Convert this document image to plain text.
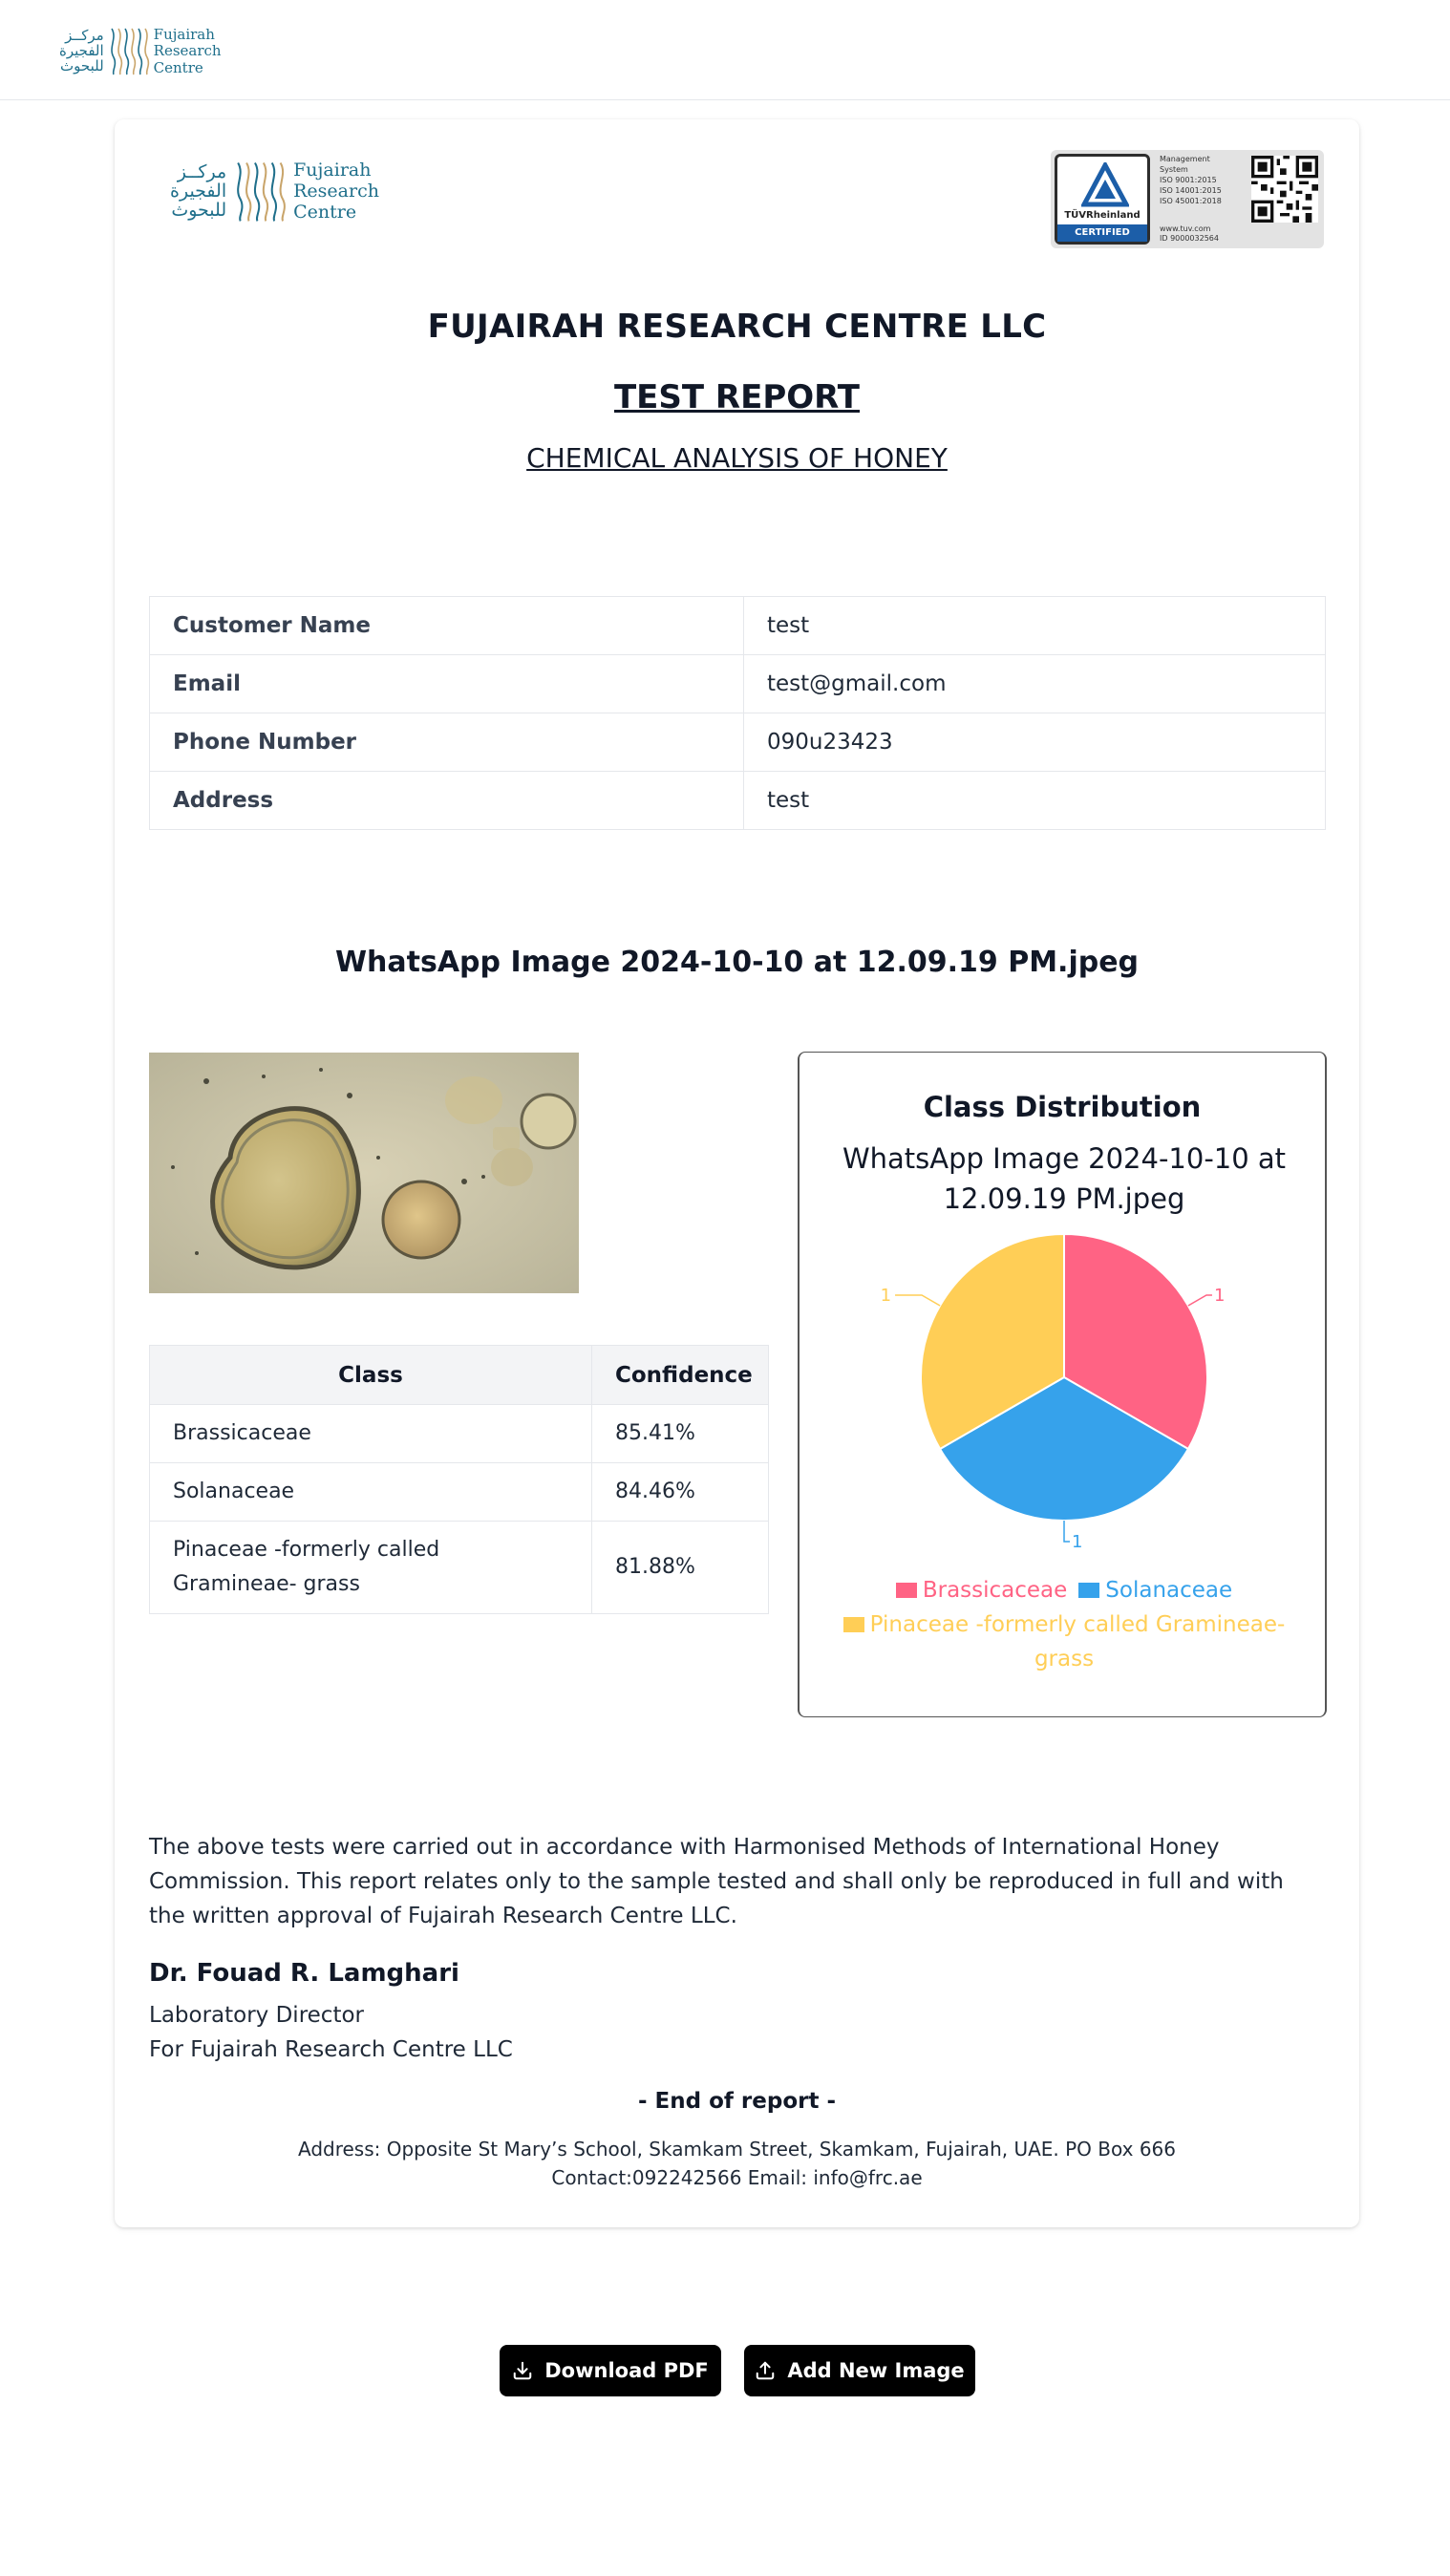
مركــز
الفجيرة
للبحوث
Fujairah
Research
Centre
مركــز
الفجيرة
للبحوث
Fujairah
Research
Centre	TÜVRheinland
CERTIFIED
Management
System
ISO 9001:2015
ISO 14001:2015
ISO 45001:2018
www.tuv.com
ID 9000032564
FUJAIRAH RESEARCH CENTRE LLC
TEST REPORT
CHEMICAL ANALYSIS OF HONEY
Customer Name	test
Email	test@gmail.com
Phone Number	090u23423
Address	test
WhatsApp Image 2024-10-10 at 12.09.19 PM.jpeg
Class	Confidence
Brassicaceae	85.41%
Solanaceae	84.46%
Pinaceae -formerly called Gramineae- grass	81.88%
Class Distribution
WhatsApp Image 2024-10-10 at 12.09.19 PM.jpeg
1
1
1
Brassicaceae SolanaceaePinaceae -formerly called Gramineae-grass
The above tests were carried out in accordance with Harmonised Methods of International Honey Commission. This report relates only to the sample tested and shall only be reproduced in full and with the written approval of Fujairah Research Centre LLC.
Dr. Fouad R. Lamghari
Laboratory Director
For Fujairah Research Centre LLC
- End of report -
Address: Opposite St Mary’s School, Skamkam Street, Skamkam, Fujairah, UAE. PO Box 666
Contact:092242566 Email: info@frc.ae
Download PDF	Add New Image
